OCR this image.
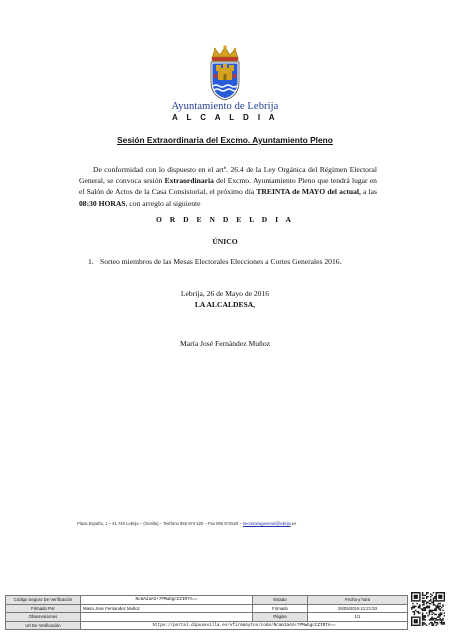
Ayuntamiento de Lebrija
A L C A L D I A
Sesión Extraordinaria del Excmo. Ayuntamiento Pleno
De conformidad con lo dispuesto en el artº. 26.4 de la Ley Orgánica del Régimen Electoral General, se convoca sesión Extraordinaria del Excmo. Ayuntamiento Pleno que tendrá lugar en el Salón de Actos de la Casa Consistorial, el próximo día TREINTA de MAYO del actual, a las 08:30 HORAS, con arreglo al siguiente
O R D E N D E L D I A
ÚNICO
1. Sorteo miembros de las Mesas Electorales Elecciones a Cortes Generales 2016.
Lebrija, 26 de Mayo de 2016
LA ALCALDESA,
María José Fernández Muñoz
Plaza España, 1 – 41.740 Lebrija – (Sevilla) – Teléfono 955 974 525 – Fax 955 972520 – secretariageneral@lebrija.es
Código Seguro De Verificación	NcmA2aAX+7PMwbgcCZIRTA==	Estado	Fecha y hora
Firmado Por	Maria Jose Fernandez Muñoz	Firmado	26/05/2016 11:21:53
Observaciones		Página	1/1
Url De Verificación	https://portal.dipusevilla.es/vfirmaAytos/code/NcmA2aAX+7PMwbgcCZIRTA==		
